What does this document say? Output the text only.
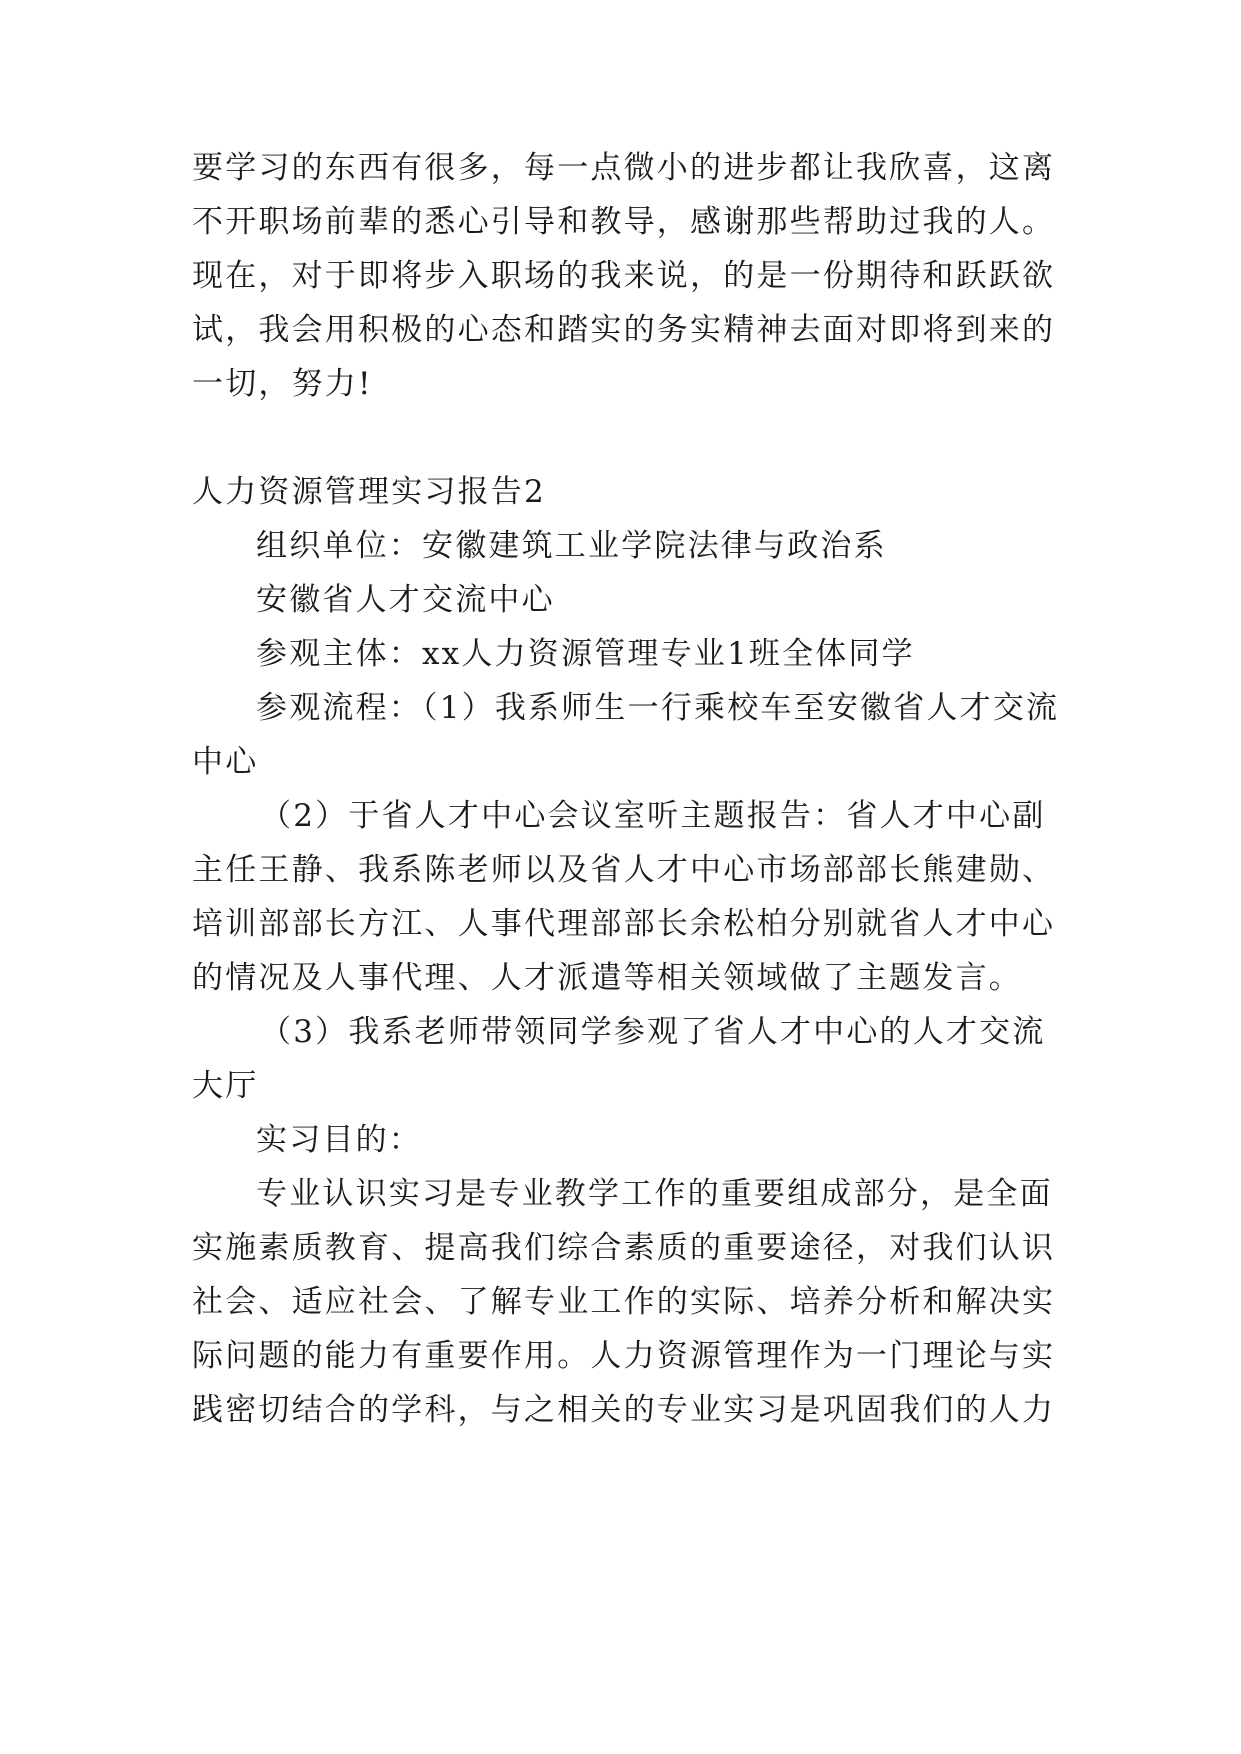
要学习的东西有很多，每一点微小的进步都让我欣喜，这离
不开职场前辈的悉心引导和教导，感谢那些帮助过我的人。
现在，对于即将步入职场的我来说，的是一份期待和跃跃欲
试，我会用积极的心态和踏实的务实精神去面对即将到来的
一切，努力!
人力资源管理实习报告2
组织单位：安徽建筑工业学院法律与政治系
安徽省人才交流中心
参观主体：xx人力资源管理专业1班全体同学
参观流程：（1）我系师生一行乘校车至安徽省人才交流
中心
（2）于省人才中心会议室听主题报告：省人才中心副
主任王静、我系陈老师以及省人才中心市场部部长熊建勋、
培训部部长方江、人事代理部部长余松柏分别就省人才中心
的情况及人事代理、人才派遣等相关领域做了主题发言。
（3）我系老师带领同学参观了省人才中心的人才交流
大厅
实习目的：
专业认识实习是专业教学工作的重要组成部分，是全面
实施素质教育、提高我们综合素质的重要途径，对我们认识
社会、适应社会、了解专业工作的实际、培养分析和解决实
际问题的能力有重要作用。人力资源管理作为一门理论与实
践密切结合的学科，与之相关的专业实习是巩固我们的人力
